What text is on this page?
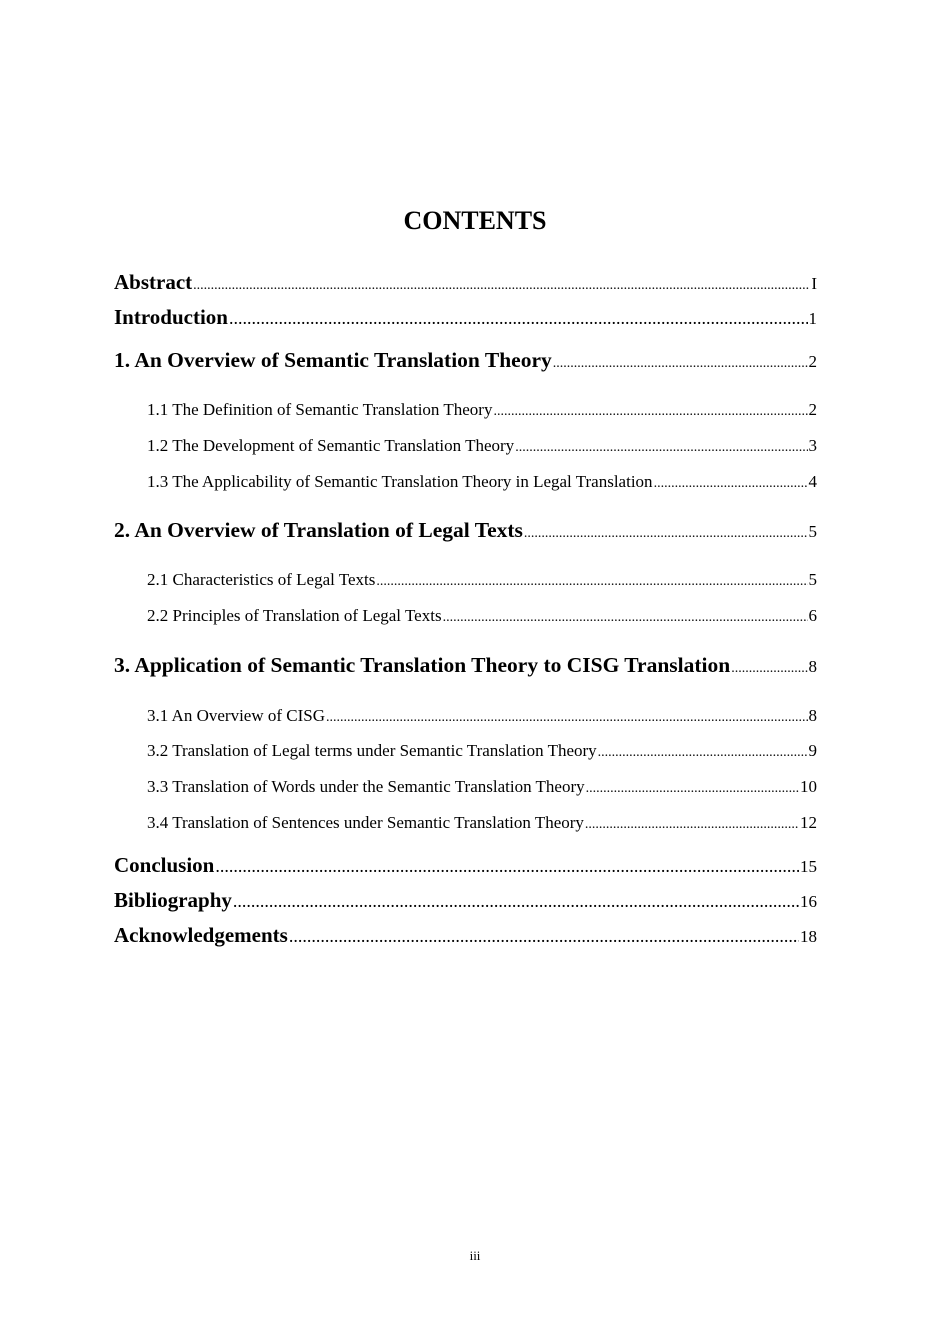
CONTENTS
Abstract .....	I
Introduction .....	1
1. An Overview of Semantic Translation Theory .....	2
1.1 The Definition of Semantic Translation Theory .....	2
1.2 The Development of Semantic Translation Theory .....	3
1.3 The Applicability of Semantic Translation Theory in Legal Translation .....	4
2. An Overview of Translation of Legal Texts .....	5
2.1 Characteristics of Legal Texts .....	5
2.2 Principles of Translation of Legal Texts .....	6
3. Application of Semantic Translation Theory to CISG Translation .....	8
3.1 An Overview of CISG .....	8
3.2 Translation of Legal terms under Semantic Translation Theory .....	9
3.3 Translation of Words under the Semantic Translation Theory .....	10
3.4 Translation of Sentences under Semantic Translation Theory .....	12
Conclusion .....	15
Bibliography .....	16
Acknowledgements .....	18
iii
